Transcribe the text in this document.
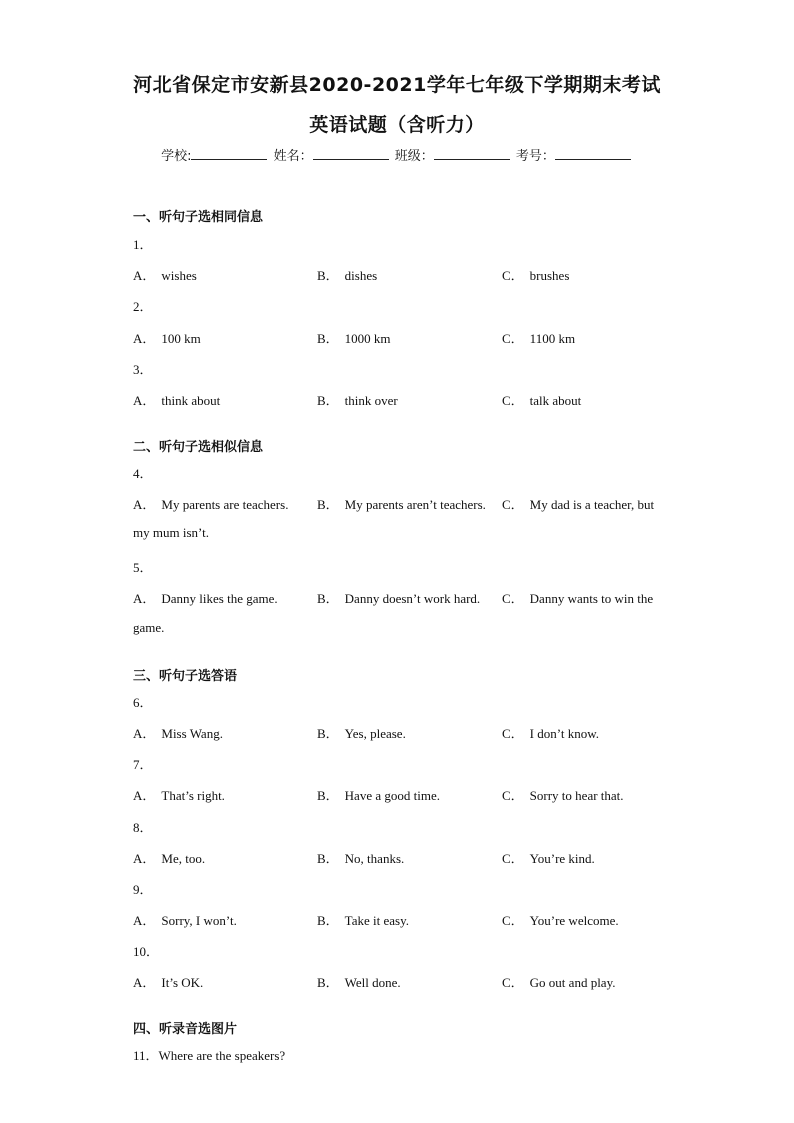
河北省保定市安新县2020-2021学年七年级下学期期末考试
英语试题（含听力）
学校:	姓名：	班级：	考号：
一、听句子选相同信息
1．
A． wishes	B． dishes	C． brushes
2．
A． 100 km	B． 1000 km	C． 1100 km
3．
A． think about	B． think over	C． talk about
二、听句子选相似信息
4．
A． My parents are teachers. B． My parents aren’t teachers. C． My dad is a teacher, but
my mum isn’t.
5．
A． Danny likes the game.	B． Danny doesn’t work hard. C． Danny wants to win the
game.
三、听句子选答语
6．
A． Miss Wang.	B． Yes, please.	C． I don’t know.
7．
A． That’s right.	B． Have a good time.	C． Sorry to hear that.
8．
A． Me, too.	B． No, thanks.	C． You’re kind.
9．
A． Sorry, I won’t.	B． Take it easy.	C． You’re welcome.
10．
A． It’s OK.	B． Well done.	C． Go out and play.
四、听录音选图片
11．Where are the speakers?
